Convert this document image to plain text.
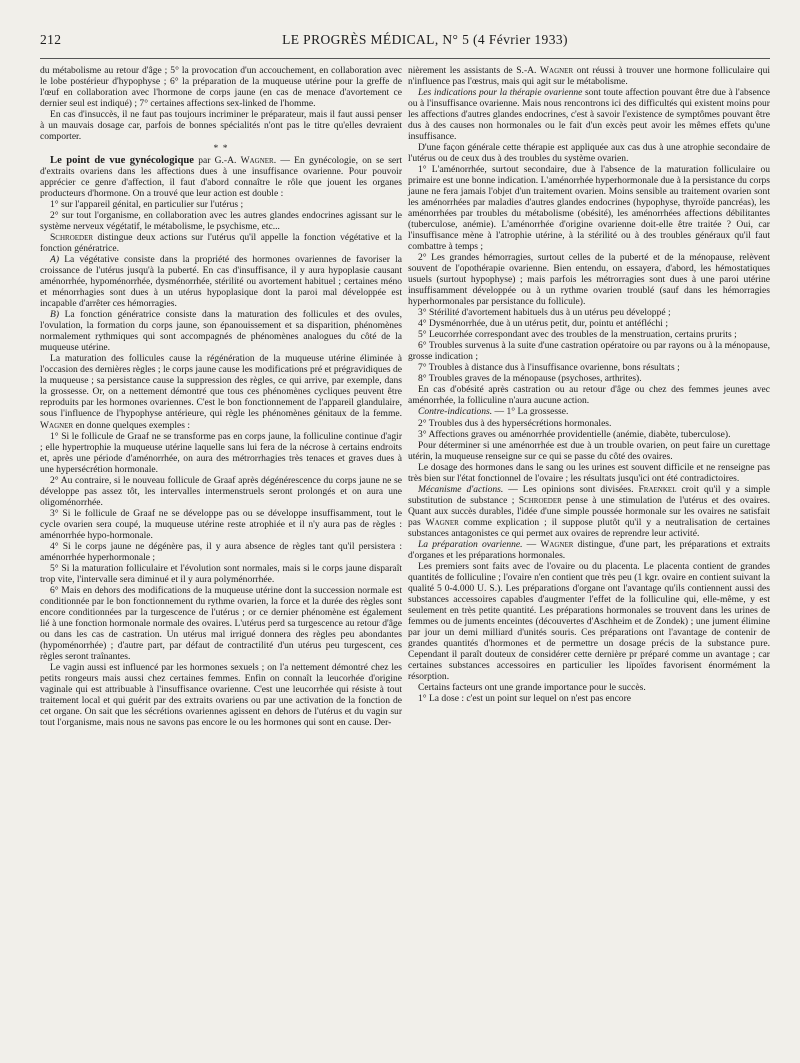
212	LE PROGRÈS MÉDICAL, N° 5 (4 Février 1933)

du métabolisme au retour d'âge ; 5° la provocation d'un accouchement, en collaboration avec le lobe postérieur d'hypophyse ; 6° la préparation de la muqueuse utérine pour la greffe de l'œuf en collaboration avec l'hormone de corps jaune (en cas de menace d'avortement ce dernier seul est indiqué) ; 7° certaines affections sex-linked de l'homme.

En cas d'insuccès, il ne faut pas toujours incriminer le préparateur, mais il faut aussi penser à un mauvais dosage car, parfois de bonnes spécialités n'ont pas le titre qu'elles devraient comporter.

* *

Le point de vue gynécologique par G.-A. Wagner. — En gynécologie, on se sert d'extraits ovariens dans les affections dues à une insuffisance ovarienne. Pour pouvoir apprécier ce genre d'affection, il faut d'abord connaître le rôle que jouent les organes producteurs d'hormone. On a trouvé que leur action est double :

1° sur l'appareil génital, en particulier sur l'utérus ;

2° sur tout l'organisme, en collaboration avec les autres glandes endocrines agissant sur le système nerveux végétatif, le métabolisme, le psychisme, etc...

Schroeder distingue deux actions sur l'utérus qu'il appelle la fonction végétative et la fonction génératrice.

A) La végétative consiste dans la propriété des hormones ovariennes de favoriser la croissance de l'utérus jusqu'à la puberté. En cas d'insuffisance, il y aura hypoplasie causant aménorrhée, hypoménorrhée, dysménorrhée, stérilité ou avortement habituel ; certaines méno et ménorrhagies sont dues à un utérus hypoplasique dont la paroi mal développée est incapable d'arrêter ces hémorragies.

B) La fonction génératrice consiste dans la maturation des follicules et des ovules, l'ovulation, la formation du corps jaune, son épanouissement et sa disparition, phénomènes normalement rythmiques qui sont accompagnés de phénomènes analogues du côté de la muqueuse utérine.

La maturation des follicules cause la régénération de la muqueuse utérine éliminée à l'occasion des dernières règles ; le corps jaune cause les modifications pré et prégravidiques de la muqueuse ; sa persistance cause la suppression des règles, ce qui arrive, par exemple, dans la grossesse. Or, on a nettement démontré que tous ces phénomènes cycliques peuvent être reproduits par les hormones ovariennes. C'est le bon fonctionnement de l'appareil glandulaire, sous l'influence de l'hypophyse antérieure, qui règle les phénomènes génitaux de la femme. Wagner en donne quelques exemples :

1° Si le follicule de Graaf ne se transforme pas en corps jaune, la folliculine continue d'agir ; elle hypertrophie la muqueuse utérine laquelle sans lui fera de la nécrose à certains endroits et, après une période d'aménorrhée, on aura des métrorrhagies très tenaces et graves dues à une hypersécrétion hormonale.

2° Au contraire, si le nouveau follicule de Graaf après dégénérescence du corps jaune ne se développe pas assez tôt, les intervalles intermenstruels seront prolongés et on aura une oligoménorrhée.

3° Si le follicule de Graaf ne se développe pas ou se développe insuffisamment, tout le cycle ovarien sera coupé, la muqueuse utérine reste atrophiée et il n'y aura pas de règles : aménorrhée hypo-hormonale.

4° Si le corps jaune ne dégénère pas, il y aura absence de règles tant qu'il persistera : aménorrhée hyperhormonale ;

5° Si la maturation folliculaire et l'évolution sont normales, mais si le corps jaune disparaît trop vite, l'intervalle sera diminué et il y aura polyménorrhée.

6° Mais en dehors des modifications de la muqueuse utérine dont la succession normale est conditionnée par le bon fonctionnement du rythme ovarien, la force et la durée des règles sont encore conditionnées par la turgescence de l'utérus ; or ce dernier phénomène est également lié à une fonction hormonale normale des ovaires. L'utérus perd sa turgescence au retour d'âge ou dans les cas de castration. Un utérus mal irrigué donnera des règles peu abondantes (hypoménorrhée) ; d'autre part, par défaut de contractilité d'un utérus peu turgescent, ces règles seront traînantes.

Le vagin aussi est influencé par les hormones sexuels ; on l'a nettement démontré chez les petits rongeurs mais aussi chez certaines femmes. Enfin on connaît la leucorhée d'origine vaginale qui est attribuable à l'insuffisance ovarienne. C'est une leucorrhée qui résiste à tout traitement local et qui guérit par des extraits ovariens ou par une activation de la fonction de cet organe. On sait que les sécrétions ovariennes agissent en dehors de l'utérus et du vagin sur tout l'organisme, mais nous ne savons pas encore le ou les hormones qui sont en cause. Der-

nièrement les assistants de S.-A. Wagner ont réussi à trouver une hormone folliculaire qui n'influence pas l'œstrus, mais qui agit sur le métabolisme.

Les indications pour la thérapie ovarienne sont toute affection pouvant être due à l'absence ou à l'insuffisance ovarienne. Mais nous rencontrons ici des difficultés qui existent moins pour les affections d'autres glandes endocrines, c'est à savoir l'existence de symptômes pouvant être dus à des causes non hormonales ou le fait d'un excès peut avoir les mêmes effets qu'une insuffisance.

D'une façon générale cette thérapie est appliquée aux cas dus à une atrophie secondaire de l'utérus ou de ceux dus à des troubles du système ovarien.

1° L'aménorrhée, surtout secondaire, due à l'absence de la maturation folliculaire ou primaire est une bonne indication. L'aménorrhée hyperhormonale due à la persistance du corps jaune ne fera jamais l'objet d'un traitement ovarien. Moins sensible au traitement ovarien sont les aménorrhées par maladies d'autres glandes endocrines (hypophyse, thyroïde pancréas), les aménorrhées par troubles du métabolisme (obésité), les aménorrhées affections débilitantes (tuberculose, anémie). L'aménorrhée d'origine ovarienne doit-elle être traitée ? Oui, car l'insuffisance mène à l'atrophie utérine, à la stérilité ou à des troubles généraux qu'il faut combattre à temps ;

2° Les grandes hémorragies, surtout celles de la puberté et de la ménopause, relèvent souvent de l'opothérapie ovarienne. Bien entendu, on essayera, d'abord, les hémostatiques usuels (surtout hypophyse) ; mais parfois les métrorragies sont dues à une paroi utérine insuffisamment développée ou à un rythme ovarien troublé (sauf dans les hémorragies hyperhormonales par persistance du follicule).

3° Stérilité d'avortement habituels dus à un utérus peu développé ;

4° Dysménorrhée, due à un utérus petit, dur, pointu et antéfléchi ;

5° Leucorrhée correspondant avec des troubles de la menstruation, certains prurits ;

6° Troubles survenus à la suite d'une castration opératoire ou par rayons ou à la ménopause, grosse indication ;

7° Troubles à distance dus à l'insuffisance ovarienne, bons résultats ;

8° Troubles graves de la ménopause (psychoses, arthrites).

En cas d'obésité après castration ou au retour d'âge ou chez des femmes jeunes avec aménorrhée, la folliculine n'aura aucune action.

Contre-indications. — 1° La grossesse.

2° Troubles dus à des hypersécrétions hormonales.

3° Affections graves ou aménorrhée providentielle (anémie, diabète, tuberculose).

Pour déterminer si une aménorrhée est due à un trouble ovarien, on peut faire un curettage utérin, la muqueuse renseigne sur ce qui se passe du côté des ovaires.

Le dosage des hormones dans le sang ou les urines est souvent difficile et ne renseigne pas très bien sur l'état fonctionnel de l'ovaire ; les résultats jusqu'ici ont été contradictoires.

Mécanisme d'actions. — Les opinions sont divisées. Fraenkel croit qu'il y a simple substitution de substance ; Schroeder pense à une stimulation de l'utérus et des ovaires. Quant aux succès durables, l'idée d'une simple poussée hormonale sur les ovaires ne satisfait pas Wagner comme explication ; il suppose plutôt qu'il y a neutralisation de certaines substances antagonistes ce qui permet aux ovaires de reprendre leur activité.

La préparation ovarienne. — Wagner distingue, d'une part, les préparations et extraits d'organes et les préparations hormonales.

Les premiers sont faits avec de l'ovaire ou du placenta. Le placenta contient de grandes quantités de folliculine ; l'ovaire n'en contient que très peu (1 kgr. ovaire en contient suivant la qualité 5 0-4.000 U. S.). Les préparations d'organe ont l'avantage qu'ils contiennent aussi des substances accessoires capables d'augmenter l'effet de la folliculine qui, elle-même, y est seulement en très petite quantité. Les préparations hormonales se trouvent dans les urines de femmes ou de juments enceintes (découvertes d'Aschheim et de Zondek) ; une jument élimine par jour un demi milliard d'unités souris. Ces préparations ont l'avantage de contenir de grandes quantités d'hormones et de permettre un dosage précis de la substance pure. Cependant il paraît douteux de considérer cette dernière pr préparé comme un avantage ; car certaines substances accessoires en particulier les lipoïdes favorisent énormément la résorption.

Certains facteurs ont une grande importance pour le succès.

1° La dose : c'est un point sur lequel on n'est pas encore
